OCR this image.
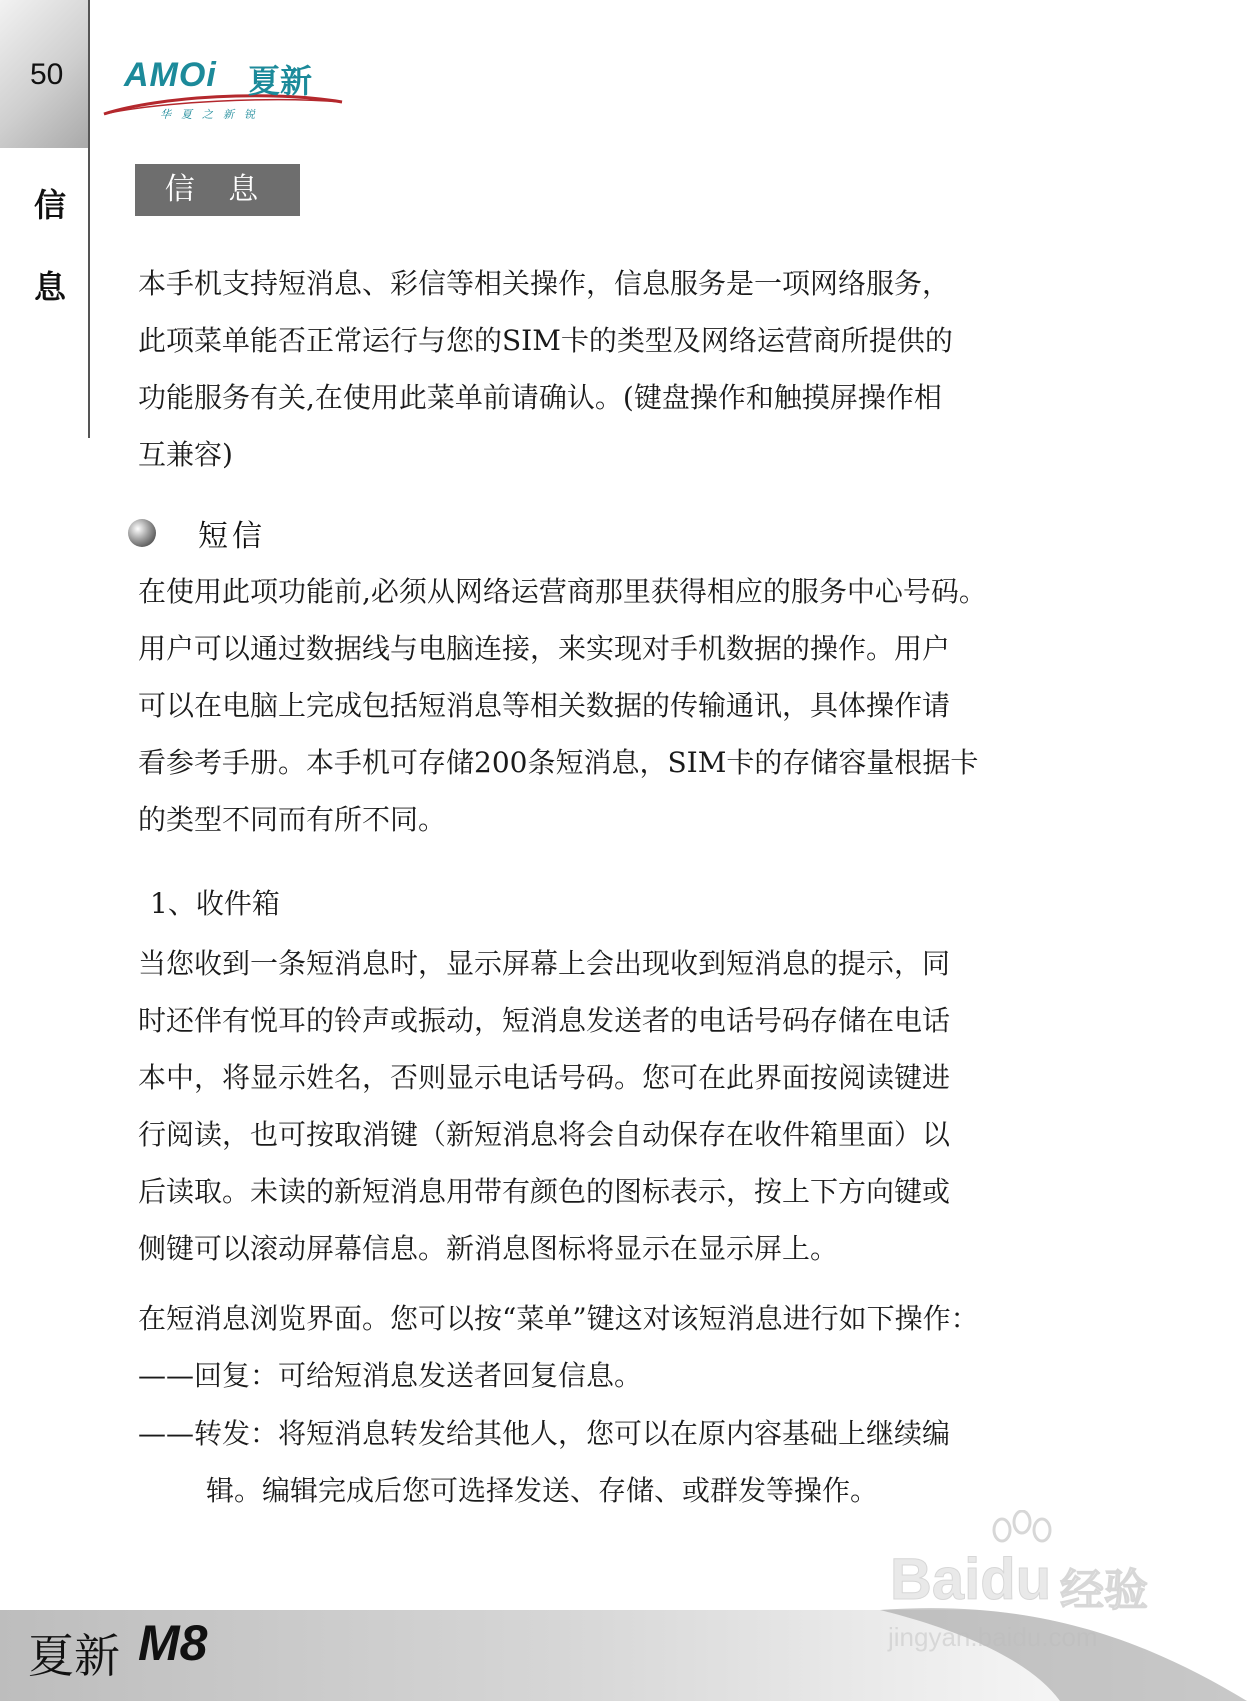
50
信
息
AMOi 夏新
华夏之新锐
信 息

本手机支持短消息、彩信等相关操作，信息服务是一项网络服务，
此项菜单能否正常运行与您的SIM卡的类型及网络运营商所提供的
功能服务有关,在使用此菜单前请确认。(键盘操作和触摸屏操作相
互兼容)

短信

在使用此项功能前,必须从网络运营商那里获得相应的服务中心号码。
用户可以通过数据线与电脑连接，来实现对手机数据的操作。用户
可以在电脑上完成包括短消息等相关数据的传输通讯，具体操作请
看参考手册。本手机可存储200条短消息，SIM卡的存储容量根据卡
的类型不同而有所不同。

1、收件箱

当您收到一条短消息时，显示屏幕上会出现收到短消息的提示，同
时还伴有悦耳的铃声或振动，短消息发送者的电话号码存储在电话
本中，将显示姓名，否则显示电话号码。您可在此界面按阅读键进
行阅读，也可按取消键（新短消息将会自动保存在收件箱里面）以
后读取。未读的新短消息用带有颜色的图标表示，按上下方向键或
侧键可以滚动屏幕信息。新消息图标将显示在显示屏上。

在短消息浏览界面。您可以按“菜单”键这对该短消息进行如下操作：

——回复：可给短消息发送者回复信息。

——转发：将短消息转发给其他人，您可以在原内容基础上继续编

辑。编辑完成后您可选择发送、存储、或群发等操作。

夏新 M8
Baidu 经验
jingyan.baidu.com
